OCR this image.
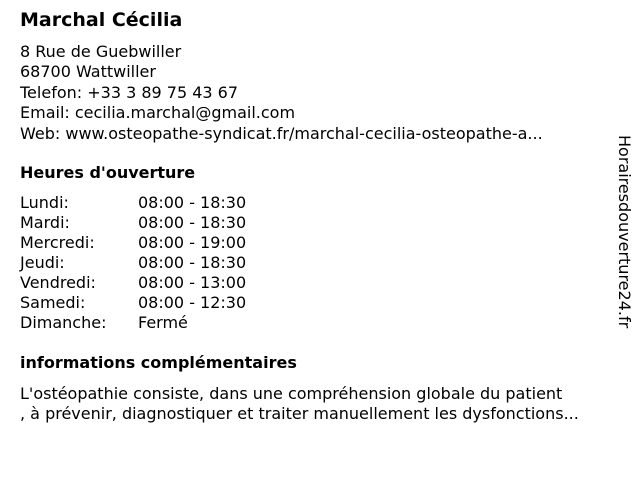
Marchal Cécilia
8 Rue de Guebwiller
68700 Wattwiller
Telefon: +33 3 89 75 43 67
Email: cecilia.marchal@gmail.com
Web: www.osteopathe-syndicat.fr/marchal-cecilia-osteopathe-a...
Heures d'ouverture
Lundi:	08:00 - 18:30
Mardi:	08:00 - 18:30
Mercredi:	08:00 - 19:00
Jeudi:	08:00 - 18:30
Vendredi:	08:00 - 13:00
Samedi:	08:00 - 12:30
Dimanche: Fermé
informations complémentaires
L'ostéopathie consiste, dans une compréhension globale du patient
, à prévenir, diagnostiquer et traiter manuellement les dysfonctions...
Horairesdouverture24.fr
